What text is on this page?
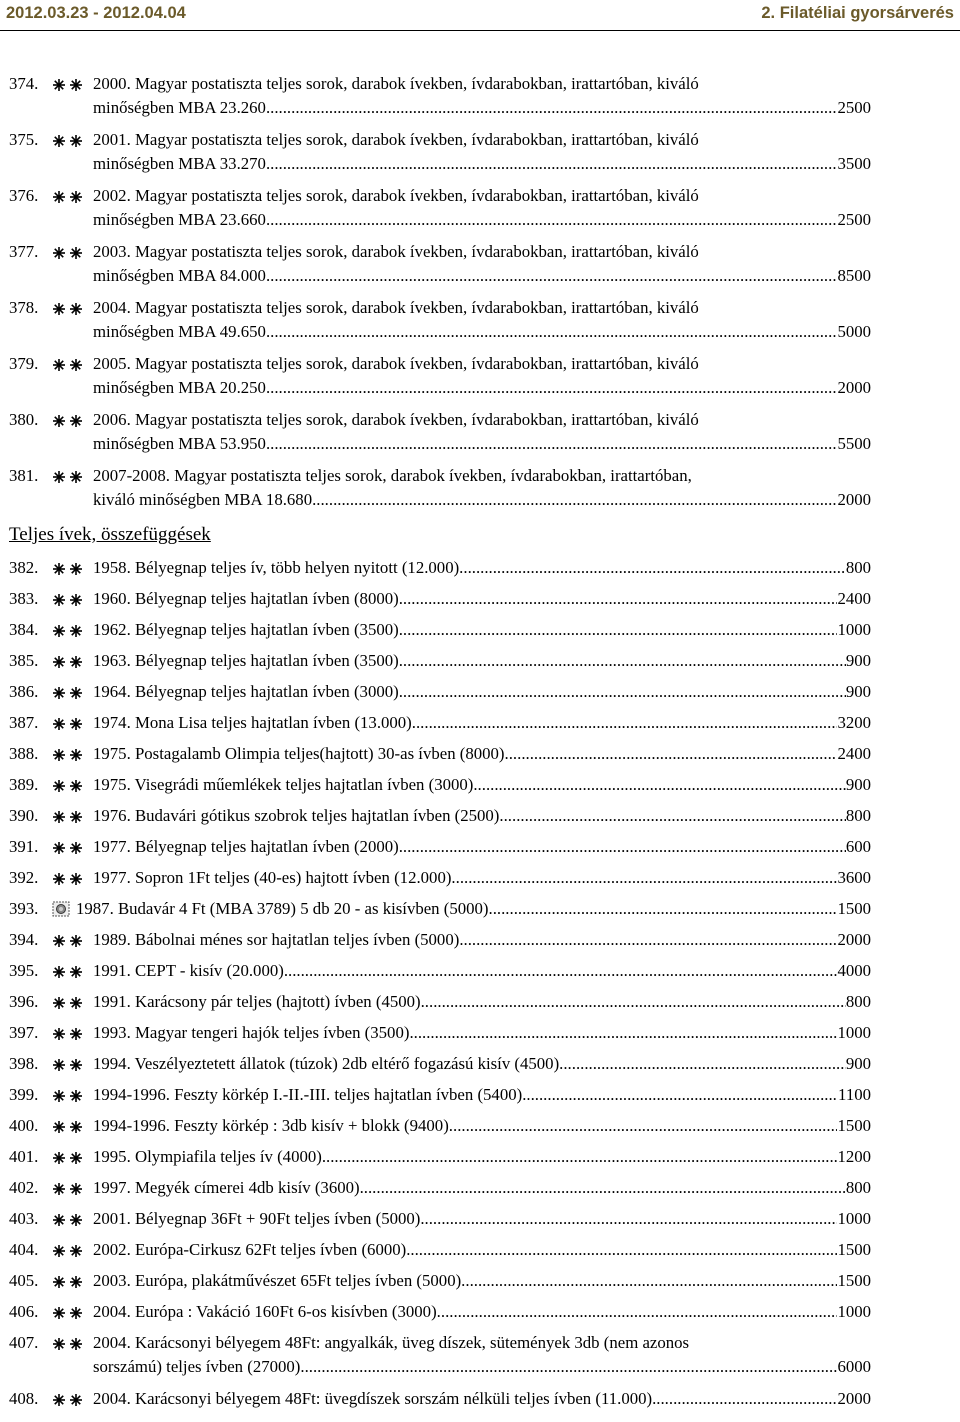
2012.03.23 - 2012.04.04	2. Filatéliai gyorsárverés
374.	2000. Magyar postatiszta teljes sorok, darabok ívekben, ívdarabokban, irattartóban, kiváló
minőségben MBA 23.260 .....	2500
375.	2001. Magyar postatiszta teljes sorok, darabok ívekben, ívdarabokban, irattartóban, kiváló
minőségben MBA 33.270 .....	3500
376.	2002. Magyar postatiszta teljes sorok, darabok ívekben, ívdarabokban, irattartóban, kiváló
minőségben MBA 23.660 .....	2500
377.	2003. Magyar postatiszta teljes sorok, darabok ívekben, ívdarabokban, irattartóban, kiváló
minőségben MBA 84.000 .....	8500
378.	2004. Magyar postatiszta teljes sorok, darabok ívekben, ívdarabokban, irattartóban, kiváló
minőségben MBA 49.650 .....	5000
379.	2005. Magyar postatiszta teljes sorok, darabok ívekben, ívdarabokban, irattartóban, kiváló
minőségben MBA 20.250 .....	2000
380.	2006. Magyar postatiszta teljes sorok, darabok ívekben, ívdarabokban, irattartóban, kiváló
minőségben MBA 53.950 .....	5500
381.	2007-2008. Magyar postatiszta teljes sorok, darabok ívekben, ívdarabokban, irattartóban,
kiváló minőségben MBA 18.680 .....	2000
Teljes ívek, összefüggések
382.	1958. Bélyegnap teljes ív, több helyen nyitott (12.000) .....	800
383.	1960. Bélyegnap teljes hajtatlan ívben (8000) .....	2400
384.	1962. Bélyegnap teljes hajtatlan ívben (3500) .....	1000
385.	1963. Bélyegnap teljes hajtatlan ívben (3500) .....	900
386.	1964. Bélyegnap teljes hajtatlan ívben (3000) .....	900
387.	1974. Mona Lisa teljes hajtatlan ívben (13.000) .....	3200
388.	1975. Postagalamb Olimpia teljes(hajtott) 30-as ívben (8000) .....	2400
389.	1975. Visegrádi műemlékek teljes hajtatlan ívben (3000) .....	900
390.	1976. Budavári gótikus szobrok teljes hajtatlan ívben (2500) .....	800
391.	1977. Bélyegnap teljes hajtatlan ívben (2000) .....	600
392.	1977. Sopron 1Ft teljes (40-es) hajtott ívben (12.000) .....	3600
393. 1987. Budavár 4 Ft (MBA 3789) 5 db 20 - as kisívben (5000) .....	1500
394.	1989. Bábolnai ménes sor hajtatlan teljes ívben (5000) .....	2000
395.	1991. CEPT - kisív (20.000) .....	4000
396.	1991. Karácsony pár teljes (hajtott) ívben (4500) .....	800
397.	1993. Magyar tengeri hajók teljes ívben (3500) .....	1000
398.	1994. Veszélyeztetett állatok (túzok) 2db eltérő fogazású kisív (4500) .....	900
399.	1994-1996. Feszty körkép I.-II.-III. teljes hajtatlan ívben (5400) .....	1100
400.	1994-1996. Feszty körkép : 3db kisív + blokk (9400) .....	1500
401.	1995. Olympiafila teljes ív (4000) .....	1200
402.	1997. Megyék címerei 4db kisív (3600) .....	800
403.	2001. Bélyegnap 36Ft + 90Ft teljes ívben (5000) .....	1000
404.	2002. Európa-Cirkusz 62Ft teljes ívben (6000) .....	1500
405.	2003. Európa, plakátművészet 65Ft teljes ívben (5000) .....	1500
406.	2004. Európa : Vakáció 160Ft 6-os kisívben (3000) .....	1000
407.	2004. Karácsonyi bélyegem 48Ft: angyalkák, üveg díszek, sütemények 3db (nem azonos
sorszámú) teljes ívben (27000) .....	6000
408.	2004. Karácsonyi bélyegem 48Ft: üvegdíszek sorszám nélküli teljes ívben (11.000) .....	2000
